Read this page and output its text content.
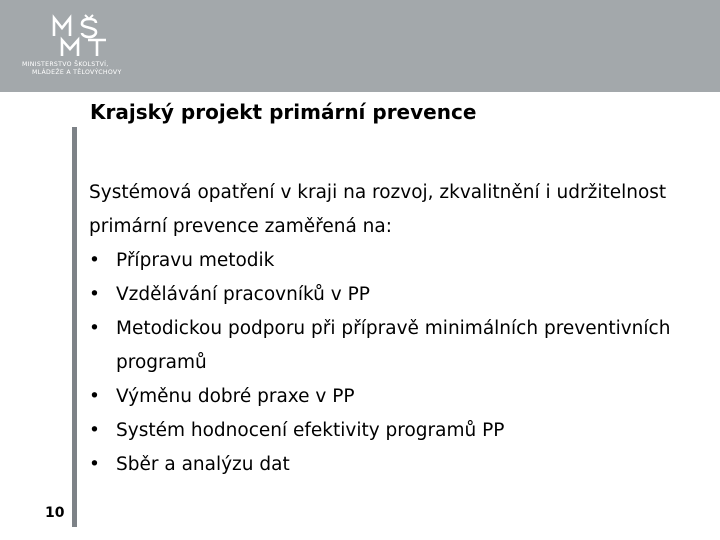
MINISTERSTVO ŠKOLSTVÍ,
MLÁDEŽE A TĚLOVÝCHOVY
Krajský projekt primární prevence

Systémová opatření v kraji na rozvoj, zkvalitnění i udržitelnost primární prevence zaměřená na:

• Přípravu metodik
• Vzdělávání pracovníků v PP
• Metodickou podporu při přípravě minimálních preventivních programů
• Výměnu dobré praxe v PP
• Systém hodnocení efektivity programů PP
• Sběr a analýzu dat
10
